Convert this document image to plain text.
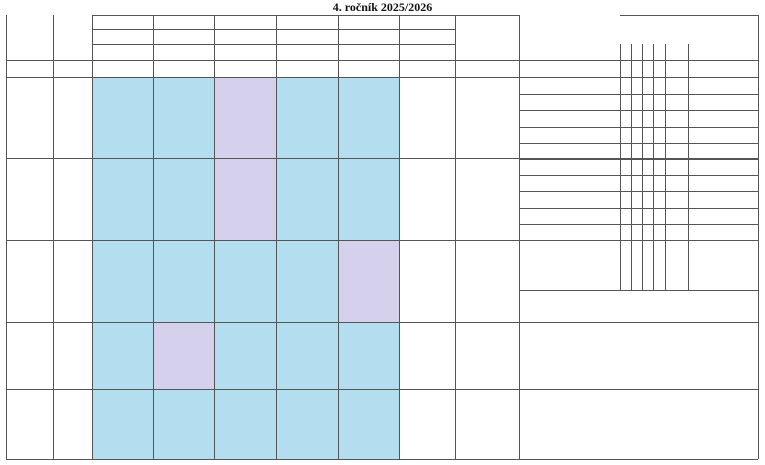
4. ročník 2025/2026
